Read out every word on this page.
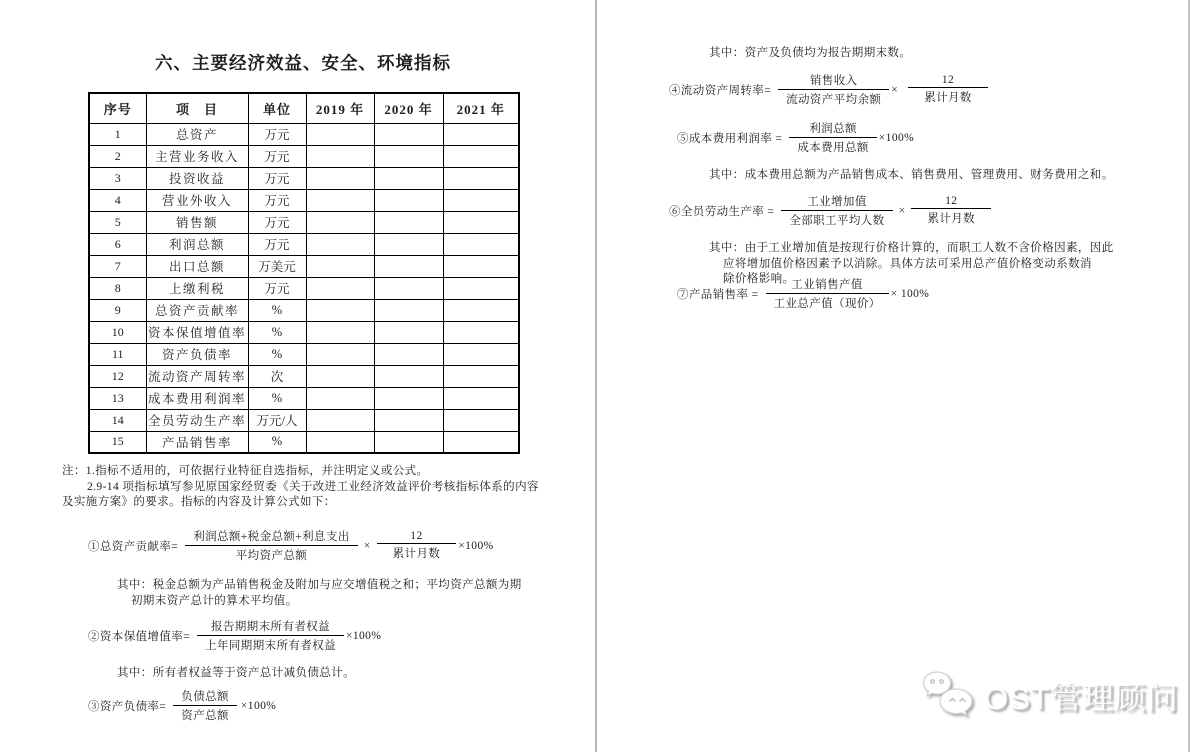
六、主要经济效益、安全、环境指标
序号	项　目	单位	2019 年	2020 年	2021 年
1	总资产	万元			
2	主营业务收入	万元			
3	投资收益	万元			
4	营业外收入	万元			
5	销售额	万元			
6	利润总额	万元			
7	出口总额	万美元			
8	上缴利税	万元			
9	总资产贡献率	%			
10	资本保值增值率	%			
11	资产负债率	%			
12	流动资产周转率	次			
13	成本费用利润率	%			
14	全员劳动生产率	万元/人			
15	产品销售率	%			
注：1.指标不适用的，可依据行业特征自选指标，并注明定义或公式。
2.9-14 项指标填写参见原国家经贸委《关于改进工业经济效益评价考核指标体系的内容
及实施方案》的要求。指标的内容及计算公式如下：
①总资产贡献率= $\frac{\text{利润总额+税金总额+利息支出}}{\text{平均资产总额}} \times \frac{12}{\text{累计月数}} \times 100\%$
其中：税金总额为产品销售税金及附加与应交增值税之和；平均资产总额为期
初期末资产总计的算术平均值。
②资本保值增值率= $\frac{\text{报告期期末所有者权益}}{\text{上年同期期末所有者权益}} \times 100\%$
其中：所有者权益等于资产总计减负债总计。
③资产负债率= $\frac{\text{负债总额}}{\text{资产总额}} \times 100\%$
其中：资产及负债均为报告期期末数。
④流动资产周转率= $\frac{\text{销售收入}}{\text{流动资产平均余额}} \times \frac{12}{\text{累计月数}}$
⑤成本费用利润率 = $\frac{\text{利润总额}}{\text{成本费用总额}} \times 100\%$
其中：成本费用总额为产品销售成本、销售费用、管理费用、财务费用之和。
⑥全员劳动生产率 = $\frac{\text{工业增加值}}{\text{全部职工平均人数}} \times \frac{12}{\text{累计月数}}$
其中：由于工业增加值是按现行价格计算的，而职工人数不含价格因素，因此
应将增加值价格因素予以消除。具体方法可采用总产值价格变动系数消
除价格影响。
⑦产品销售率 = $\frac{\text{工业销售产值}}{\text{工业总产值（现价）}} \times 100\%$
OST管理顾问
